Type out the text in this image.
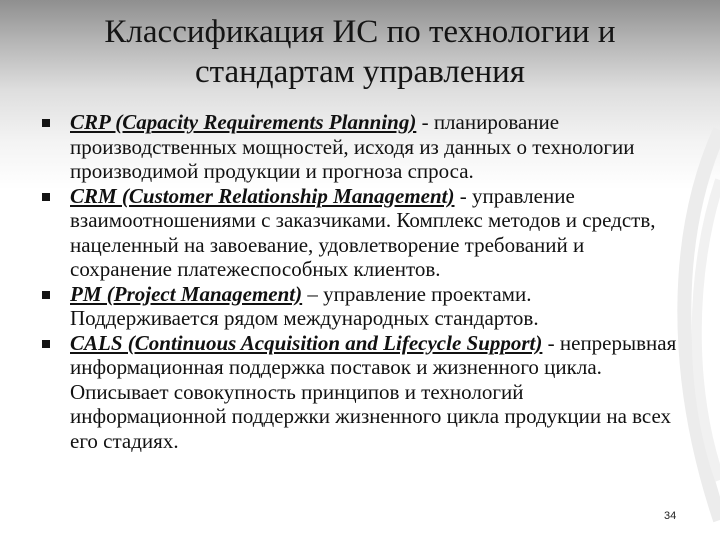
Классификация ИС по технологии и
стандартам управления
CRP (Capacity Requirements Planning) - планирование производственных мощностей, исходя из данных о технологии производимой продукции и прогноза спроса.
CRM (Customer Relationship Management) - управление взаимоотношениями с заказчиками. Комплекс методов и средств, нацеленный на завоевание, удовлетворение требований и сохранение платежеспособных клиентов.
PM (Project Management) – управление проектами. Поддерживается рядом международных стандартов.
CALS (Continuous Acquisition and Lifecycle Support) - непрерывная информационная поддержка поставок и жизненного цикла. Описывает совокупность принципов и технологий информационной поддержки жизненного цикла продукции на всех его стадиях.
34
